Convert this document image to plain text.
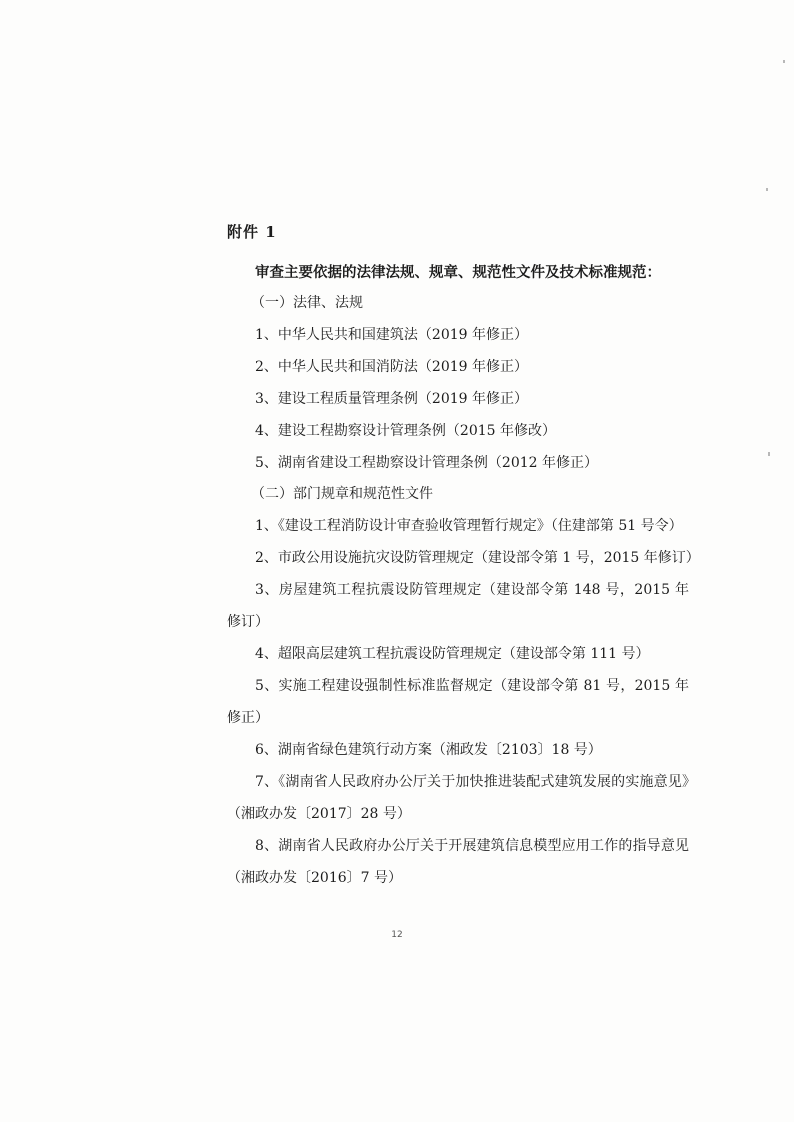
附件 1

审查主要依据的法律法规、规章、规范性文件及技术标准规范：

（一）法律、法规

1、中华人民共和国建筑法（2019 年修正）

2、中华人民共和国消防法（2019 年修正）

3、建设工程质量管理条例（2019 年修正）

4、建设工程勘察设计管理条例（2015 年修改）

5、湖南省建设工程勘察设计管理条例（2012 年修正）

（二）部门规章和规范性文件

1、《建设工程消防设计审查验收管理暂行规定》（住建部第 51 号令）

2、市政公用设施抗灾设防管理规定（建设部令第 1 号，2015 年修订）

3、房屋建筑工程抗震设防管理规定（建设部令第 148 号，2015 年修订）

4、超限高层建筑工程抗震设防管理规定（建设部令第 111 号）

5、实施工程建设强制性标准监督规定（建设部令第 81 号，2015 年修正）

6、湖南省绿色建筑行动方案（湘政发〔2103〕18 号）

7、《湖南省人民政府办公厅关于加快推进装配式建筑发展的实施意见》（湘政办发〔2017〕28 号）

8、湖南省人民政府办公厅关于开展建筑信息模型应用工作的指导意见（湘政办发〔2016〕7 号）

12
